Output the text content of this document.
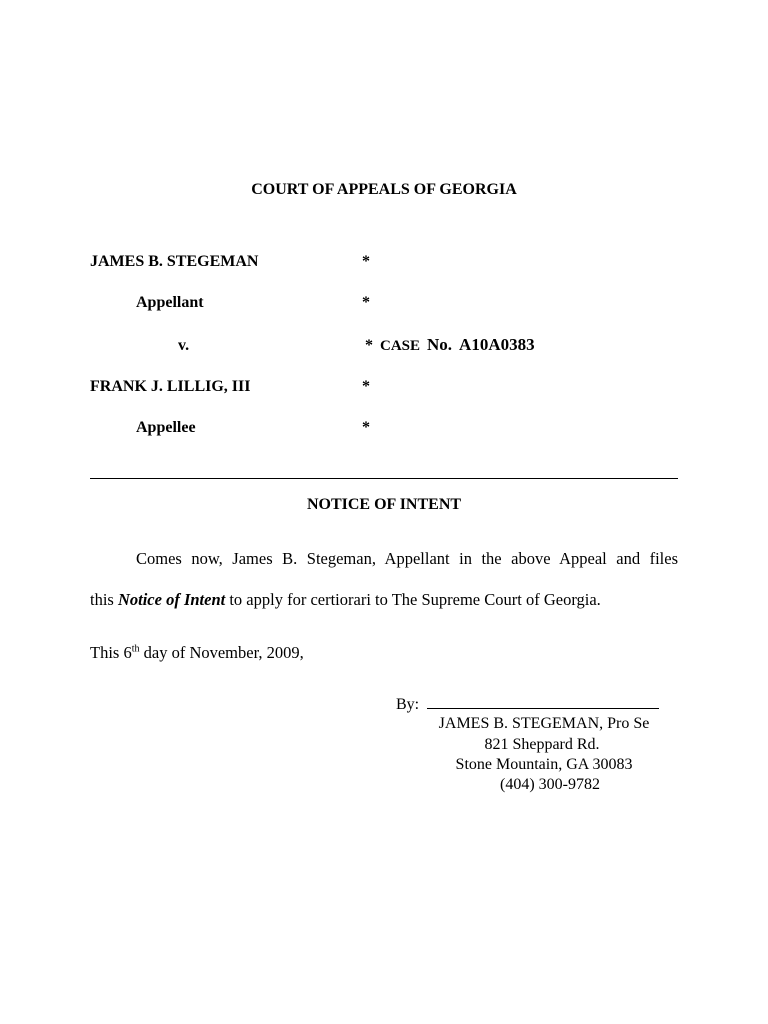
COURT OF APPEALS OF GEORGIA
JAMES B. STEGEMAN	*
Appellant	*
v.	* CASE No. A10A0383
FRANK J. LILLIG, III	*
Appellee	*
NOTICE OF INTENT
Comes now, James B. Stegeman, Appellant in the above Appeal and files
this Notice of Intent to apply for certiorari to The Supreme Court of Georgia.
This 6th day of November, 2009,
By:
JAMES B. STEGEMAN, Pro Se
821 Sheppard Rd.
Stone Mountain, GA 30083
(404) 300-9782
